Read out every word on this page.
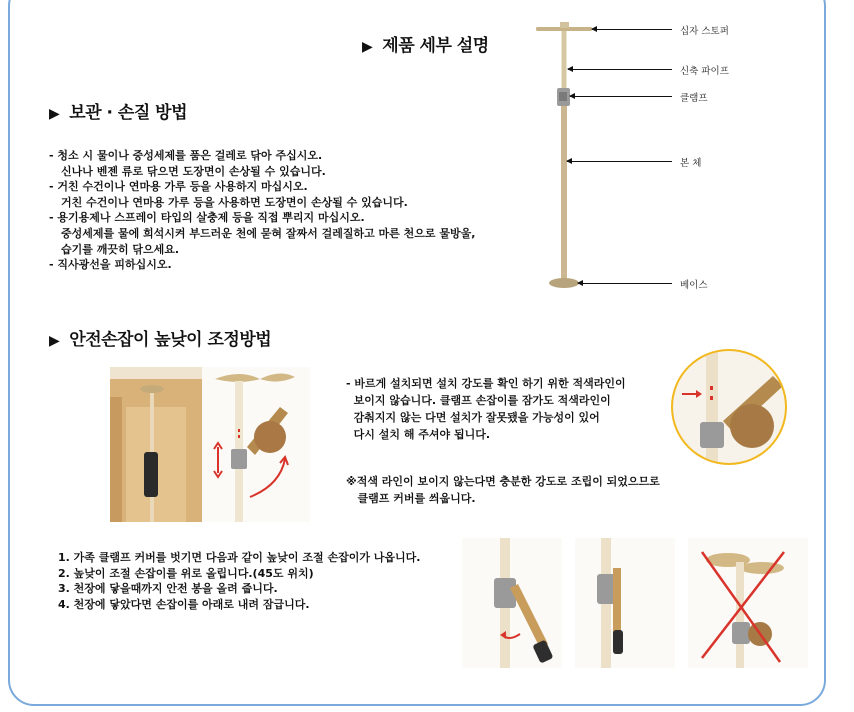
▶ 제품 세부 설명
십자 스토퍼
신축 파이프
클램프
본 체
베이스
▶ 보관 · 손질 방법
- 청소 시 물이나 중성세제를 품은 걸레로 닦아 주십시오.
신나나 벤젠 류로 닦으면 도장면이 손상될 수 있습니다.
- 거친 수건이나 연마용 가루 등을 사용하지 마십시오.
거친 수건이나 연마용 가루 등을 사용하면 도장면이 손상될 수 있습니다.
- 용기용제나 스프레이 타입의 살충제 등을 직접 뿌리지 마십시오.
중성세제를 물에 희석시켜 부드러운 천에 묻혀 잘짜서 걸레질하고 마른 천으로 물방울,
습기를 깨끗히 닦으세요.
- 직사광선을 피하십시오.
▶ 안전손잡이 높낮이 조정방법
- 바르게 설치되면 설치 강도를 확인 하기 위한 적색라인이
보이지 않습니다. 클램프 손잡이를 잠가도 적색라인이
감춰지지 않는 다면 설치가 잘못됐을 가능성이 있어
다시 설치 해 주셔야 됩니다.
※적색 라인이 보이지 않는다면 충분한 강도로 조립이 되었으므로
클램프 커버를 씌웁니다.
1. 가족 클램프 커버를 벗기면 다음과 같이 높낮이 조절 손잡이가 나옵니다.
2. 높낮이 조절 손잡이를 위로 올립니다.(45도 위치)
3. 천장에 닿을때까지 안전 봉을 올려 줍니다.
4. 천장에 닿았다면 손잡이를 아래로 내려 잠급니다.
